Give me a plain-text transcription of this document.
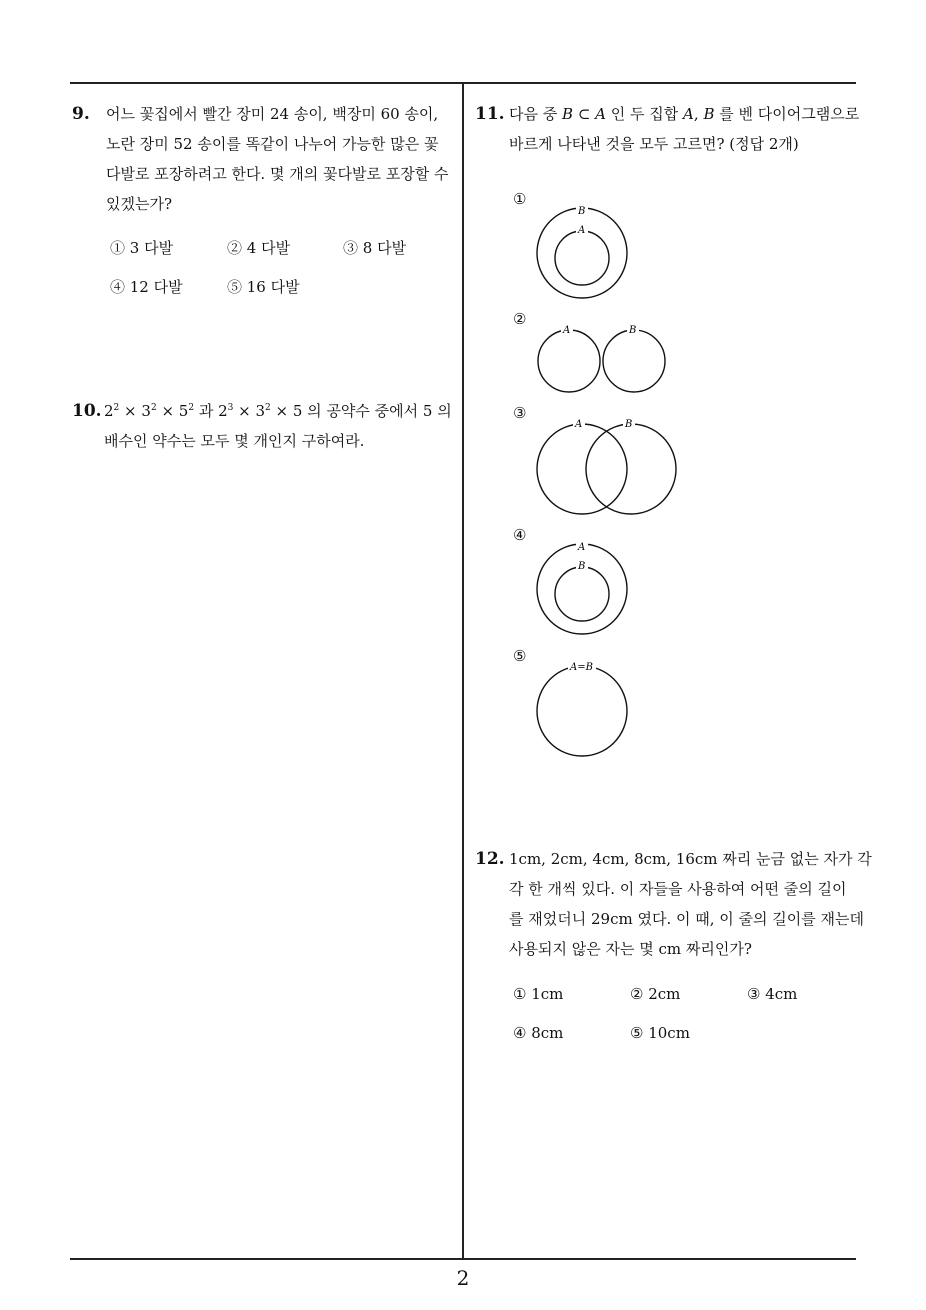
9. 어느 꽃집에서 빨간 장미 24 송이, 백장미 60 송이,
노란 장미 52 송이를 똑같이 나누어 가능한 많은 꽃
다발로 포장하려고 한다. 몇 개의 꽃다발로 포장할 수
있겠는가?
① 3 다발	② 4 다발	③ 8 다발
④ 12 다발	⑤ 16 다발
10. $2^2 \times 3^2 \times 5^2$ 과 $2^3 \times 3^2 \times 5$ 의 공약수 중에서 5 의
배수인 약수는 모두 몇 개인지 구하여라.
11. 다음 중 B ⊂ A 인 두 집합 A, B 를 벤 다이어그램으로
바르게 나타낸 것을 모두 고르면? (정답 2개)
①
B
A
②
A	B
③
A	B
④
A
B
⑤
A=B
12. 1cm, 2cm, 4cm, 8cm, 16cm 짜리 눈금 없는 자가 각
각 한 개씩 있다. 이 자들을 사용하여 어떤 줄의 길이
를 재었더니 29cm 였다. 이 때, 이 줄의 길이를 재는데
사용되지 않은 자는 몇 cm 짜리인가?
① 1cm	② 2cm	③ 4cm
④ 8cm	⑤ 10cm
2
